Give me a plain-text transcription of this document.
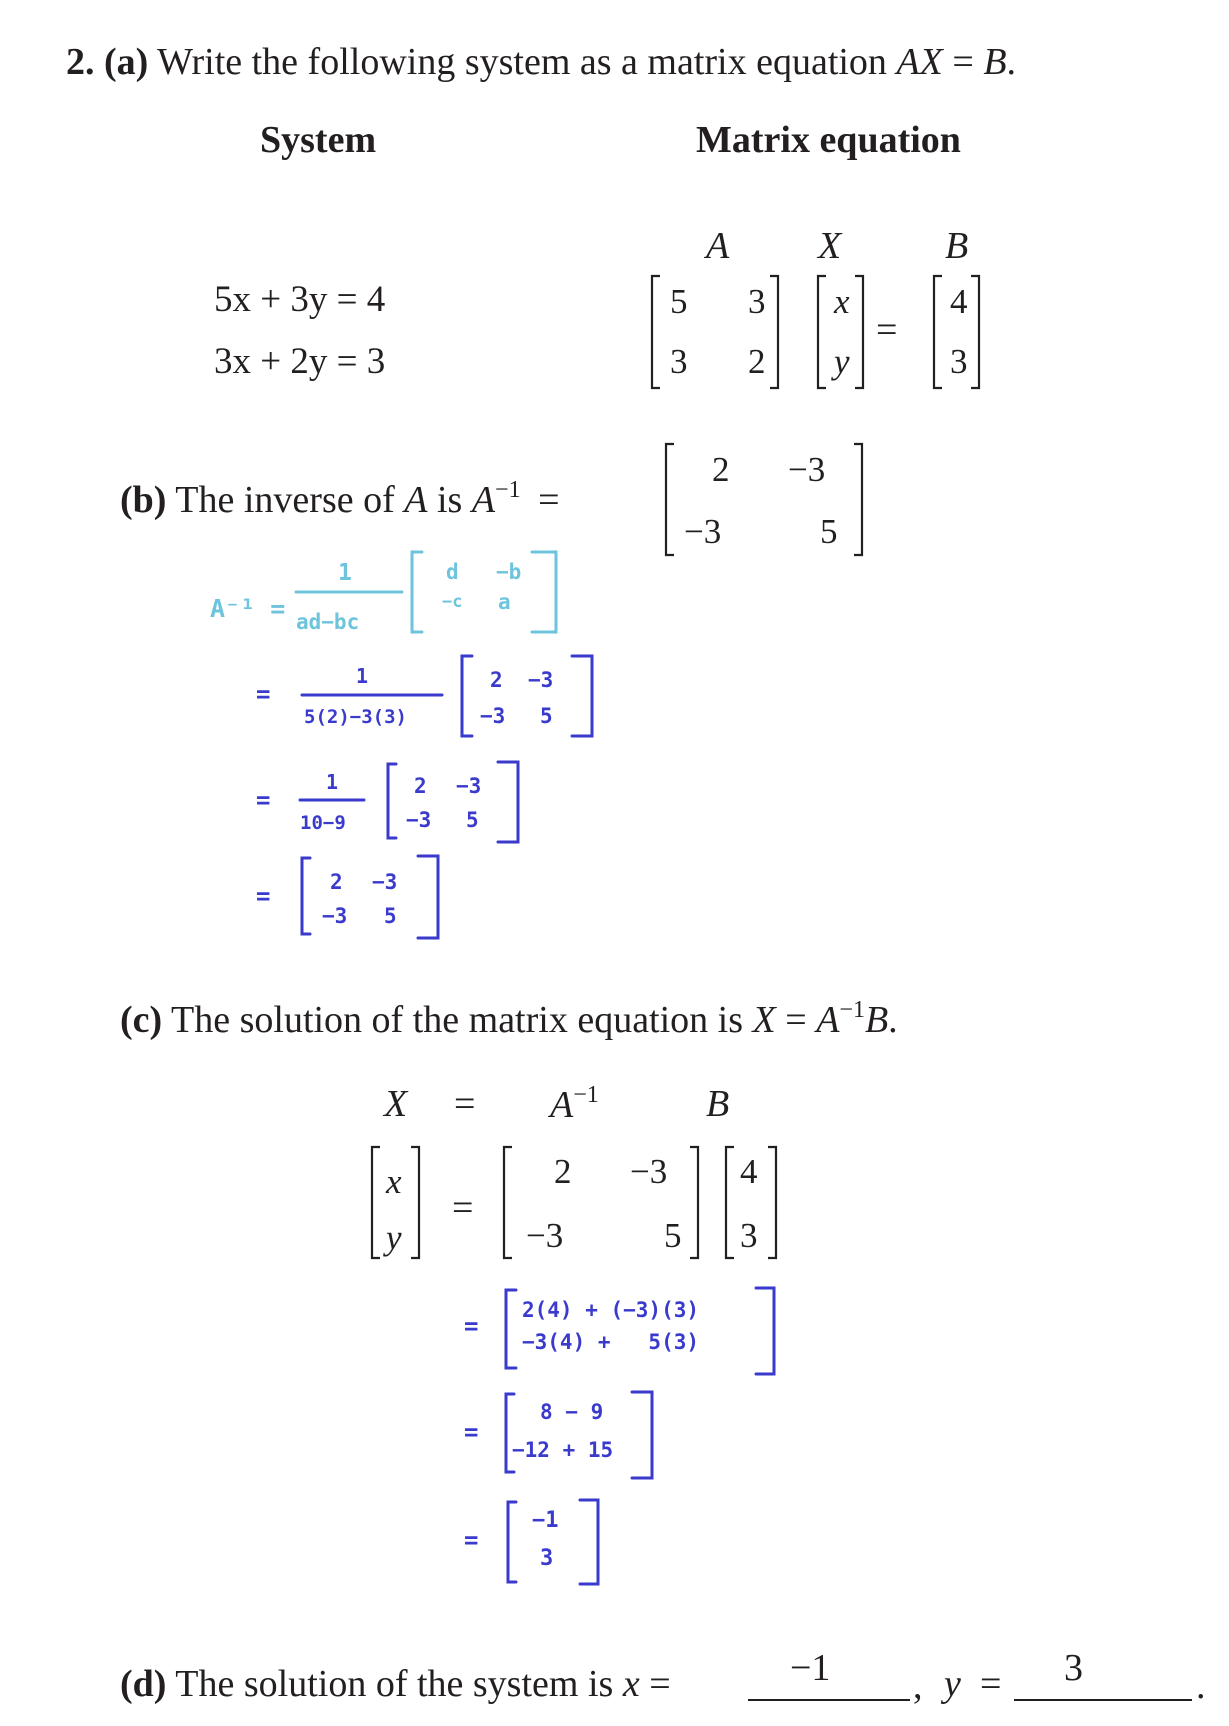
2. (a) Write the following system as a matrix equation AX = B.
System	Matrix equation
5x + 3y = 4
3x + 2y = 3
A X	B
5 3
3 2
x
y
=
4
3
(b) The inverse of A is $A^{-1}$ =
2 −3
−3	5
A⁻¹ =
1
ad−bc
d −b
−c a
=
1
5(2)−3(3)
2 −3
−3 5
=
1
10−9
2 −3
−3 5
=	2 −3
−3 5
(c) The solution of the matrix equation is $X = A^{-1}B$.
$X = A^{-1}$	B
x
y
=
2 −3
−3	5
4
3
=
2(4) + (−3)(3)
−3(4) +   5(3)
=
8 − 9
−12 + 15
=
−1
3
(d) The solution of the system is x =	−1 , y = 3	.
